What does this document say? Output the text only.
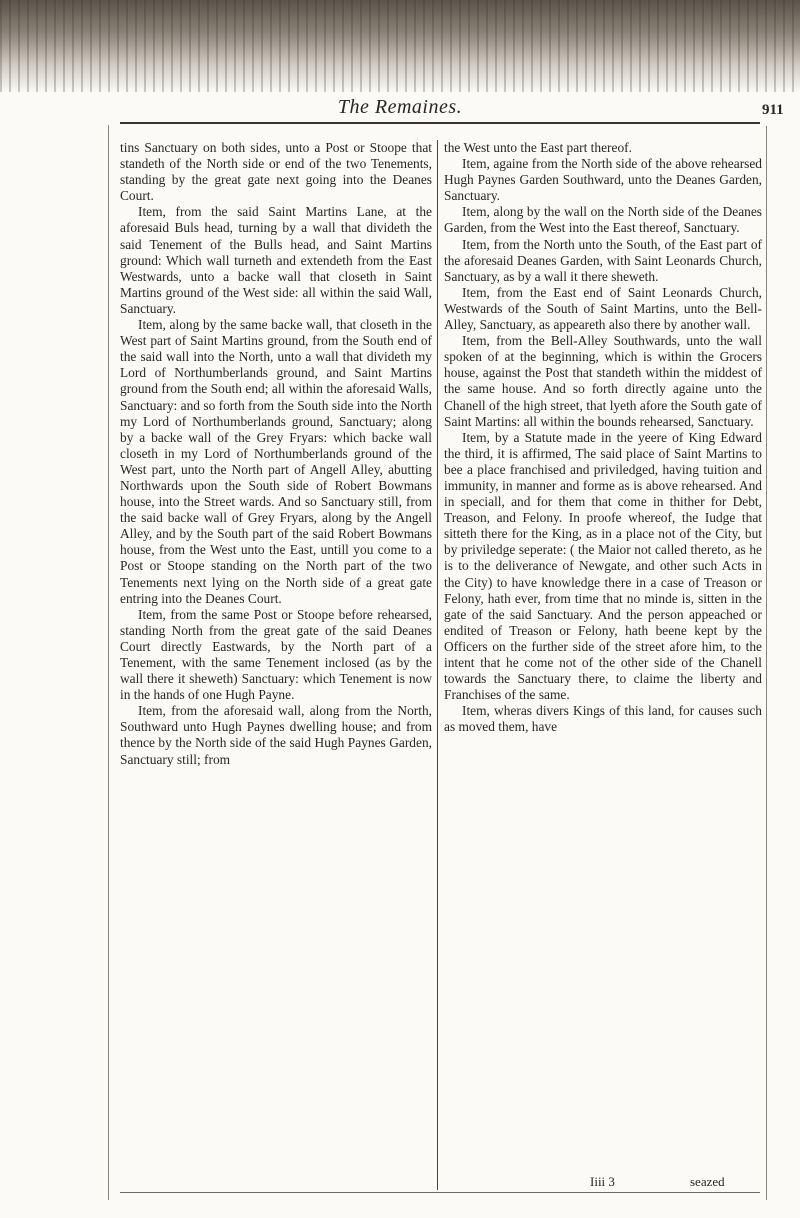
The Remaines.	911

tins Sanctuary on both sides, unto a Post or Stoope that standeth of the North side or end of the two Tenements, standing by the great gate next going into the Deanes Court.

Item, from the said Saint Martins Lane, at the aforesaid Buls head, turning by a wall that divideth the said Tenement of the Bulls head, and Saint Martins ground: Which wall turneth and extendeth from the East Westwards, unto a backe wall that closeth in Saint Martins ground of the West side: all within the said Wall, Sanctuary.

Item, along by the same backe wall, that closeth in the West part of Saint Martins ground, from the South end of the said wall into the North, unto a wall that divideth my Lord of Northumberlands ground, and Saint Martins ground from the South end; all within the aforesaid Walls, Sanctuary: and so forth from the South side into the North my Lord of Northumberlands ground, Sanctuary; along by a backe wall of the Grey Fryars: which backe wall closeth in my Lord of Northumberlands ground of the West part, unto the North part of Angell Alley, abutting Northwards upon the South side of Robert Bowmans house, into the Street wards. And so Sanctuary still, from the said backe wall of Grey Fryars, along by the Angell Alley, and by the South part of the said Robert Bowmans house, from the West unto the East, untill you come to a Post or Stoope standing on the North part of the two Tenements next lying on the North side of a great gate entring into the Deanes Court.

Item, from the same Post or Stoope before rehearsed, standing North from the great gate of the said Deanes Court directly Eastwards, by the North part of a Tenement, with the same Tenement inclosed (as by the wall there it sheweth) Sanctuary: which Tenement is now in the hands of one Hugh Payne.

Item, from the aforesaid wall, along from the North, Southward unto Hugh Paynes dwelling house; and from thence by the North side of the said Hugh Paynes Garden, Sanctuary still; from

the West unto the East part thereof.

Item, againe from the North side of the above rehearsed Hugh Paynes Garden Southward, unto the Deanes Garden, Sanctuary.

Item, along by the wall on the North side of the Deanes Garden, from the West into the East thereof, Sanctuary.

Item, from the North unto the South, of the East part of the aforesaid Deanes Garden, with Saint Leonards Church, Sanctuary, as by a wall it there sheweth.

Item, from the East end of Saint Leonards Church, Westwards of the South of Saint Martins, unto the Bell-Alley, Sanctuary, as appeareth also there by another wall.

Item, from the Bell-Alley Southwards, unto the wall spoken of at the beginning, which is within the Grocers house, against the Post that standeth within the middest of the same house. And so forth directly againe unto the Chanell of the high street, that lyeth afore the South gate of Saint Martins: all within the bounds rehearsed, Sanctuary.

Item, by a Statute made in the yeere of King Edward the third, it is affirmed, The said place of Saint Martins to bee a place franchised and priviledged, having tuition and immunity, in manner and forme as is above rehearsed. And in speciall, and for them that come in thither for Debt, Treason, and Felony. In proofe whereof, the Iudge that sitteth there for the King, as in a place not of the City, but by priviledge seperate: ( the Maior not called thereto, as he is to the deliverance of Newgate, and other such Acts in the City) to have knowledge there in a case of Treason or Felony, hath ever, from time that no minde is, sitten in the gate of the said Sanctuary. And the person appeached or endited of Treason or Felony, hath beene kept by the Officers on the further side of the street afore him, to the intent that he come not of the other side of the Chanell towards the Sanctuary there, to claime the liberty and Franchises of the same.

Item, wheras divers Kings of this land, for causes such as moved them, have

Iiii 3	seazed
